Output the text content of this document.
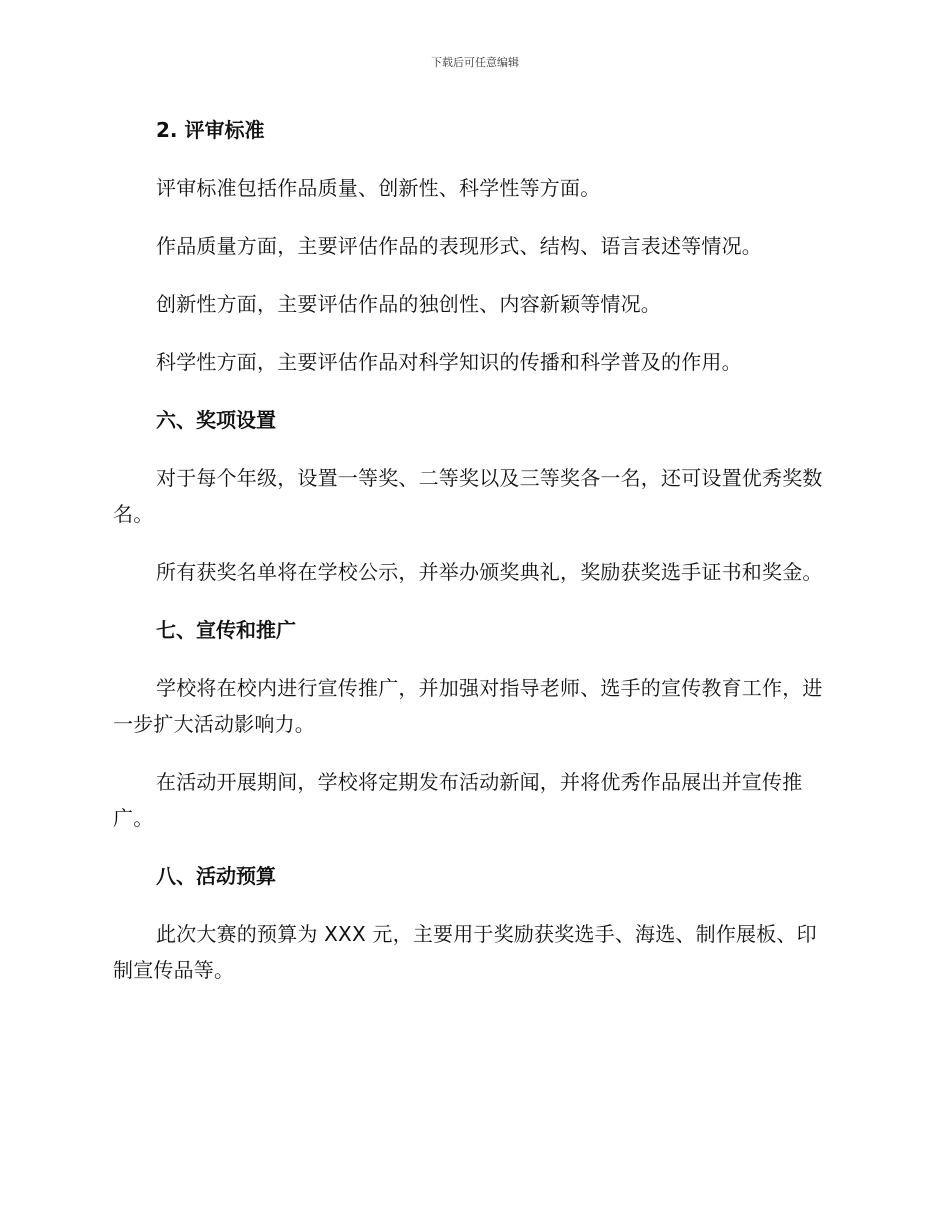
下载后可任意编辑
2. 评审标准
评审标准包括作品质量、创新性、科学性等方面。
作品质量方面，主要评估作品的表现形式、结构、语言表述等情况。
创新性方面，主要评估作品的独创性、内容新颖等情况。
科学性方面，主要评估作品对科学知识的传播和科学普及的作用。
六、奖项设置
对于每个年级，设置一等奖、二等奖以及三等奖各一名，还可设置优秀奖数名。
所有获奖名单将在学校公示，并举办颁奖典礼，奖励获奖选手证书和奖金。
七、宣传和推广
学校将在校内进行宣传推广，并加强对指导老师、选手的宣传教育工作，进一步扩大活动影响力。
在活动开展期间，学校将定期发布活动新闻，并将优秀作品展出并宣传推广。
八、活动预算
此次大赛的预算为 XXX 元，主要用于奖励获奖选手、海选、制作展板、印制宣传品等。
